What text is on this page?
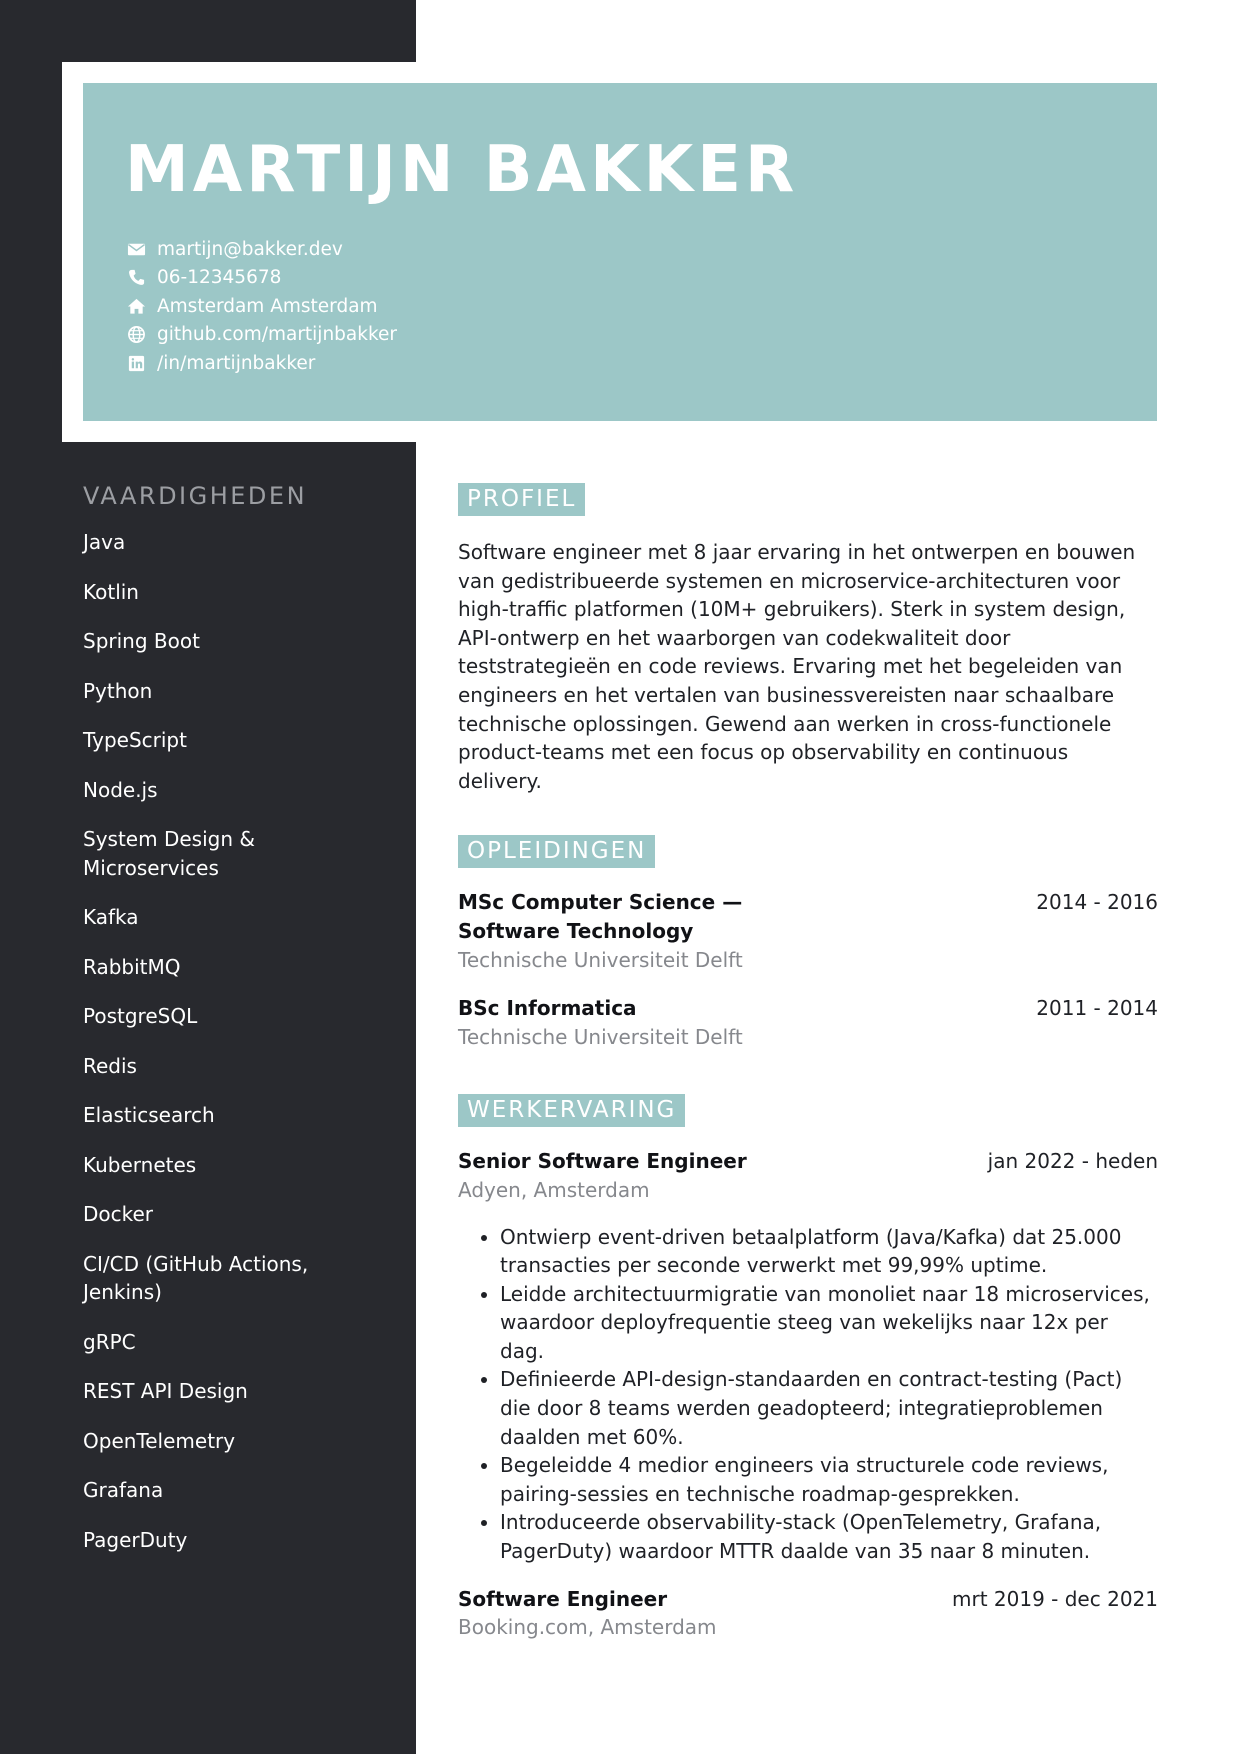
MARTIJN BAKKER
martijn@bakker.dev
06-12345678
Amsterdam Amsterdam
github.com/martijnbakker
/in/martijnbakker
VAARDIGHEDEN
Java
Kotlin
Spring Boot
Python
TypeScript
Node.js
System Design & Microservices
Kafka
RabbitMQ
PostgreSQL
Redis
Elasticsearch
Kubernetes
Docker
CI/CD (GitHub Actions, Jenkins)
gRPC
REST API Design
OpenTelemetry
Grafana
PagerDuty
PROFIEL

Software engineer met 8 jaar ervaring in het ontwerpen en bouwen van gedistribueerde systemen en microservice-architecturen voor high-traffic platformen (10M+ gebruikers). Sterk in system design, API-ontwerp en het waarborgen van codekwaliteit door teststrategieën en code reviews. Ervaring met het begeleiden van engineers en het vertalen van businessvereisten naar schaalbare technische oplossingen. Gewend aan werken in cross-functionele product-teams met een focus op observability en continuous delivery.

OPLEIDINGEN
MSc Computer Science — Software Technology
2014 - 2016
Technische Universiteit Delft
BSc Informatica	2011 - 2014
Technische Universiteit Delft
WERKERVARING
Senior Software Engineer	jan 2022 - heden
Adyen, Amsterdam
• Ontwierp event-driven betaalplatform (Java/Kafka) dat 25.000 transacties per seconde verwerkt met 99,99% uptime.
• Leidde architectuurmigratie van monoliet naar 18 microservices, waardoor deployfrequentie steeg van wekelijks naar 12x per dag.
• Definieerde API-design-standaarden en contract-testing (Pact) die door 8 teams werden geadopteerd; integratieproblemen daalden met 60%.
• Begeleidde 4 medior engineers via structurele code reviews, pairing-sessies en technische roadmap-gesprekken.
• Introduceerde observability-stack (OpenTelemetry, Grafana, PagerDuty) waardoor MTTR daalde van 35 naar 8 minuten.
Software Engineer	mrt 2019 - dec 2021
Booking.com, Amsterdam
